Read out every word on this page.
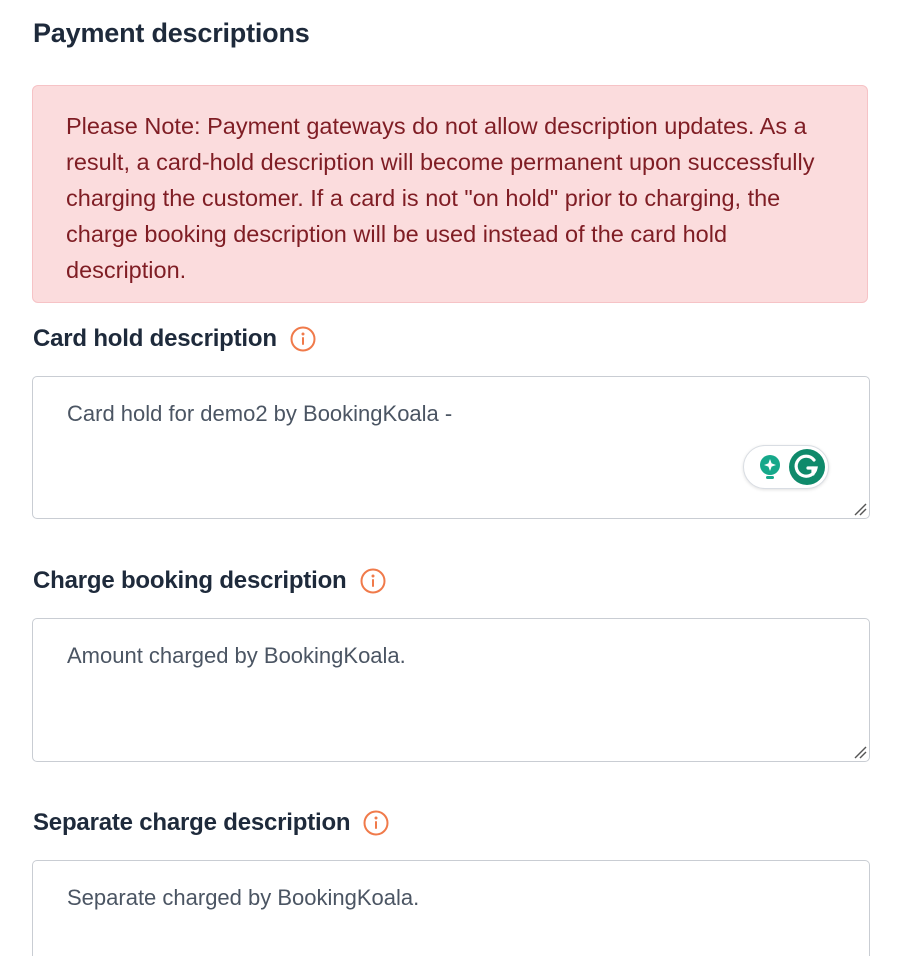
Payment descriptions
Please Note: Payment gateways do not allow description updates. As a result, a card-hold description will become permanent upon successfully charging the customer. If a card is not "on hold" prior to charging, the charge booking description will be used instead of the card hold description.
Card hold description
Card hold for demo2 by BookingKoala -
Charge booking description
Amount charged by BookingKoala.
Separate charge description
Separate charged by BookingKoala.
